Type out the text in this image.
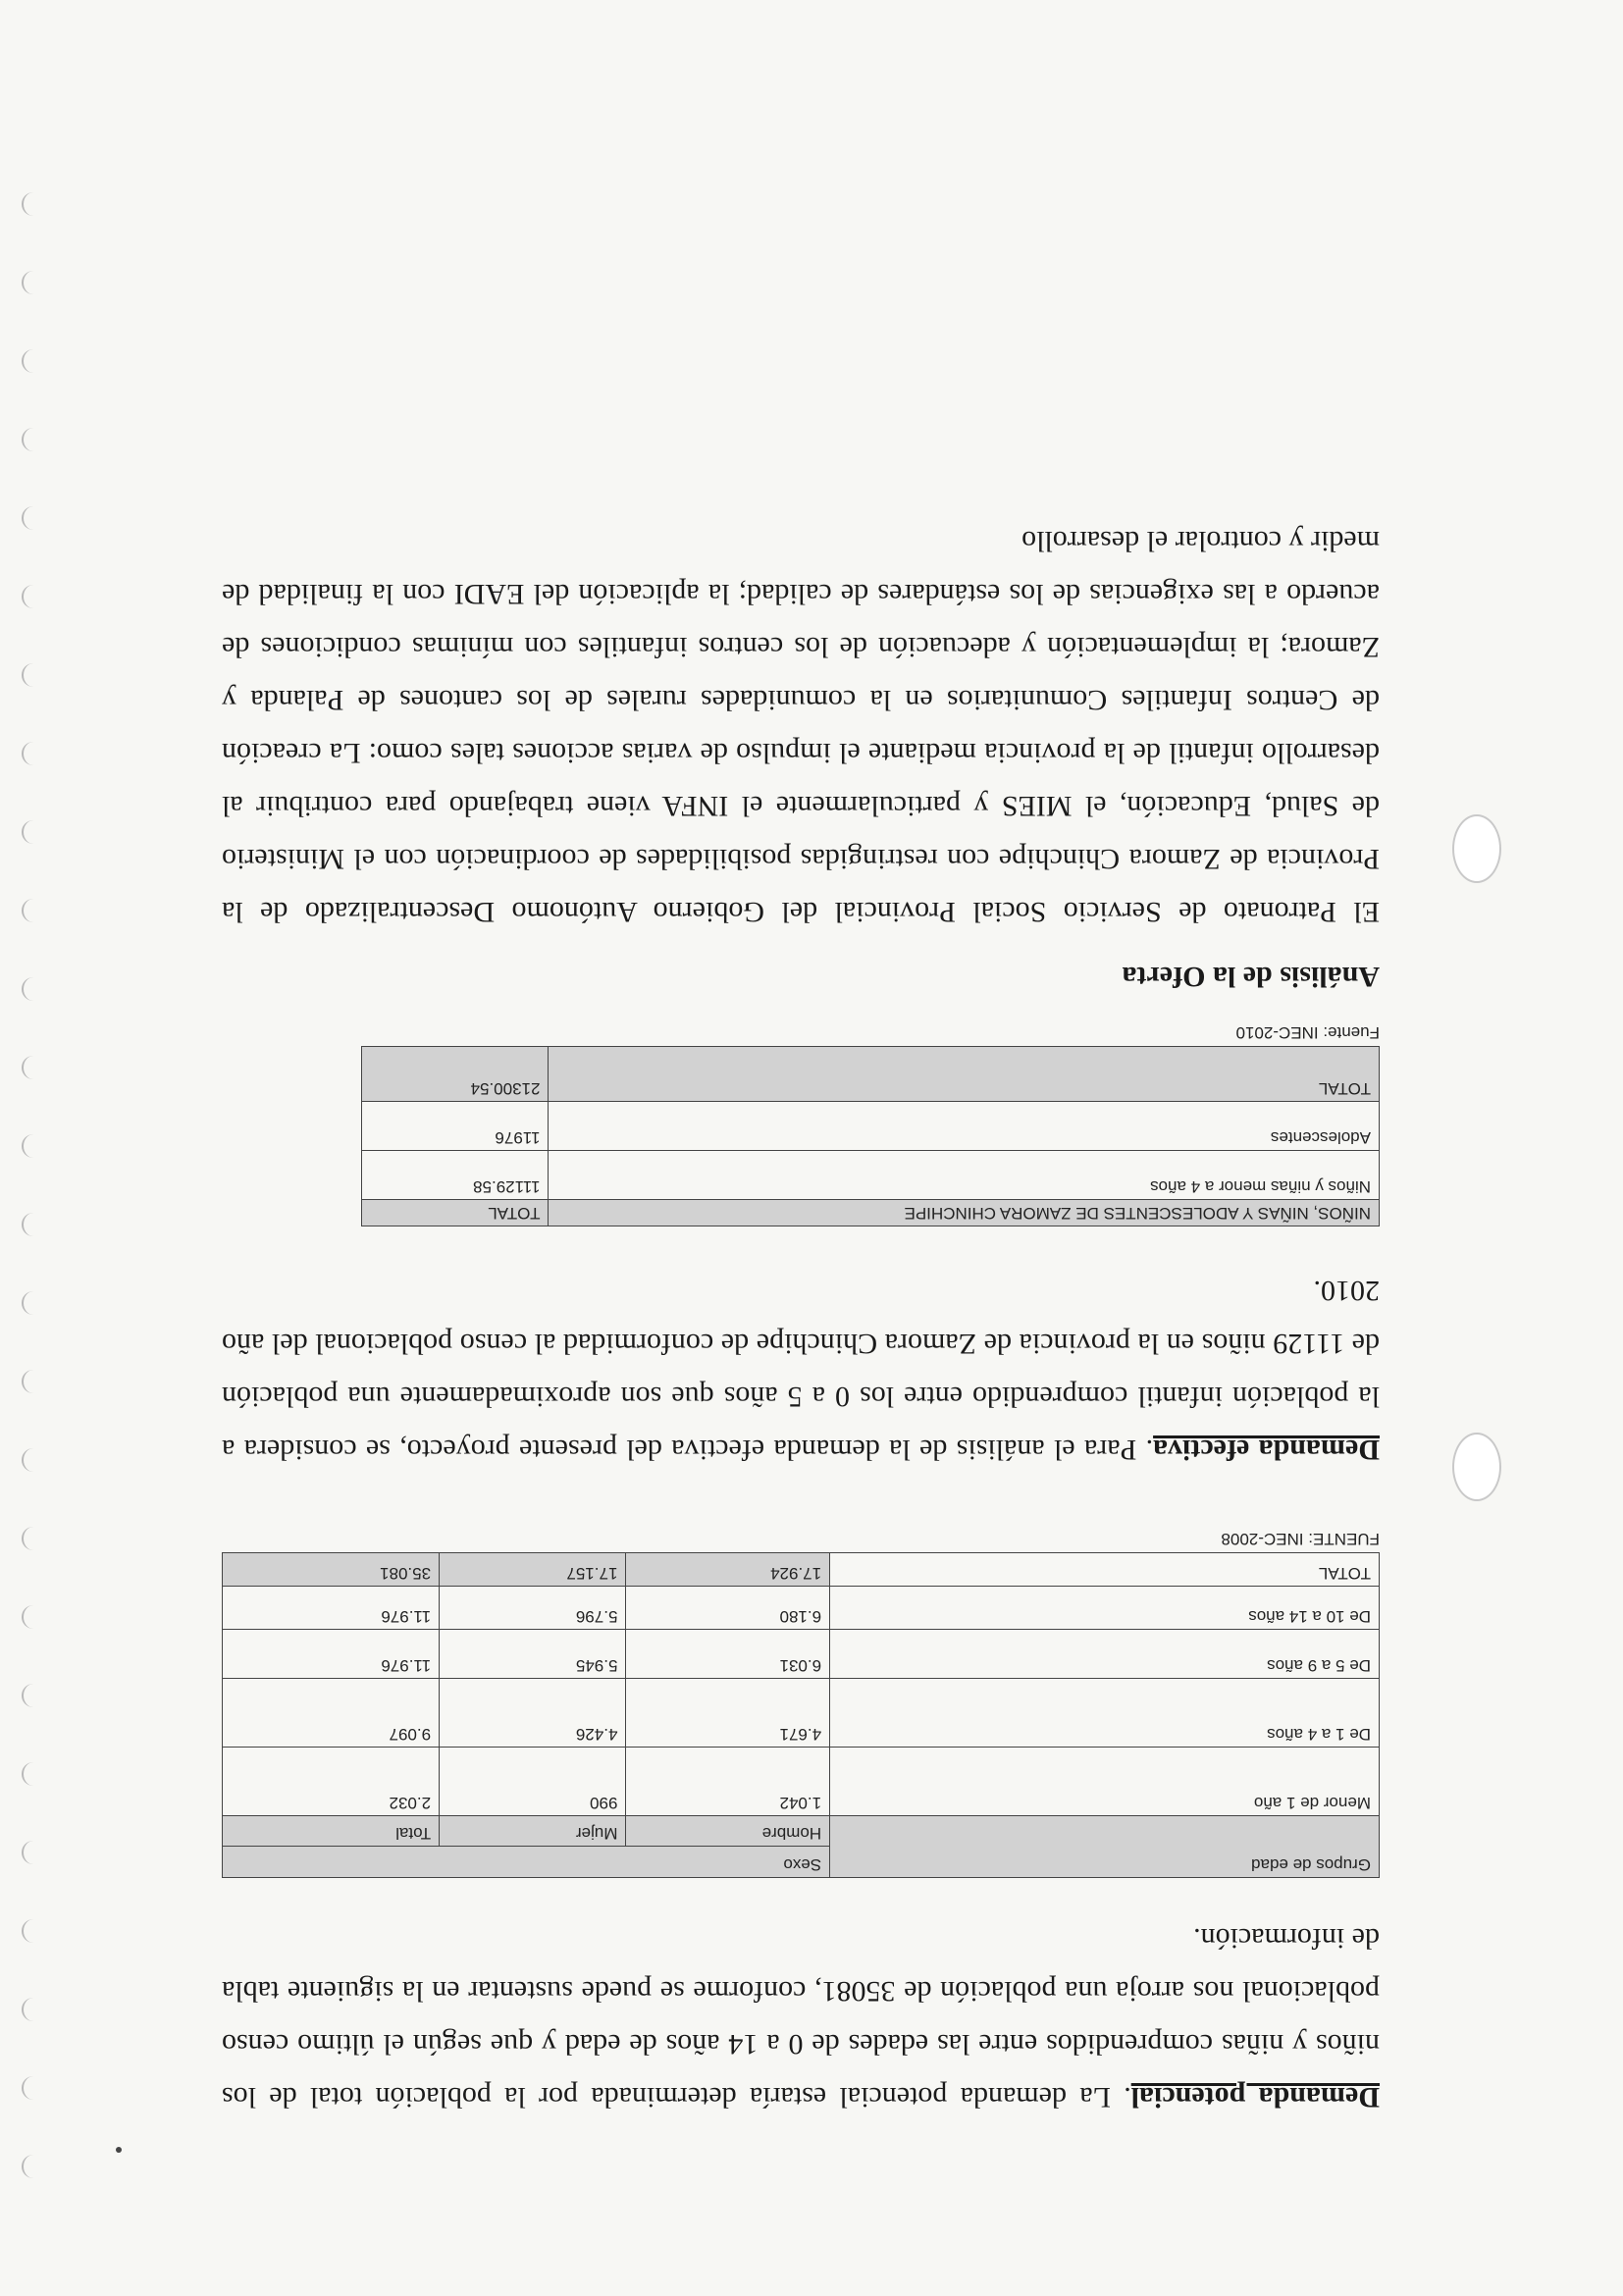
Demanda potencial. La demanda potencial estaría determinada por la población total de los niños y niñas comprendidos entre las edades de 0 a 14 años de edad y que según el último censo poblacional nos arroja una población de 35081, conforme se puede sustentar en la siguiente tabla de información.

Grupos de edad	Sexo		
	Hombre	Mujer	Total
Menor de 1 año	1.042	990	2.032
De 1 a 4 años	4.671	4.426	9.097
De 5 a 9 años	6.031	5.945	11.976
De 10 a 14 años	6.180	5.796	11.976
TOTAL	17.924	17.157	35.081
FUENTE: INEC-2008

Demanda efectiva. Para el análisis de la demanda efectiva del presente proyecto, se considera a la población infantil comprendido entre los 0 a 5 años que son aproximadamente una población de 11129 niños en la provincia de Zamora Chinchipe de conformidad al censo poblacional del año 2010.

NIÑOS, NIÑAS Y ADOLESCENTES DE ZAMORA CHINCHIPE	TOTAL
Niños y niñas menor a 4 años	11129.58
Adolescentes	11976
TOTAL	21300.54
Fuente: INEC-2010

Análisis de la Oferta

El Patronato de Servicio Social Provincial del Gobierno Autónomo Descentralizado de la Provincia de Zamora Chinchipe con restringidas posibilidades de coordinación con el Ministerio de Salud, Educación, el MIES y particularmente el INFA viene trabajando para contribuir al desarrollo infantil de la provincia mediante el impulso de varias acciones tales como: La creación de Centros Infantiles Comunitarios en la comunidades rurales de los cantones de Palanda y Zamora; la implementación y adecuación de los centros infantiles con mínimas condiciones de acuerdo a las exigencias de los estándares de calidad; la aplicación del EADI con la finalidad de medir y controlar el desarrollo
